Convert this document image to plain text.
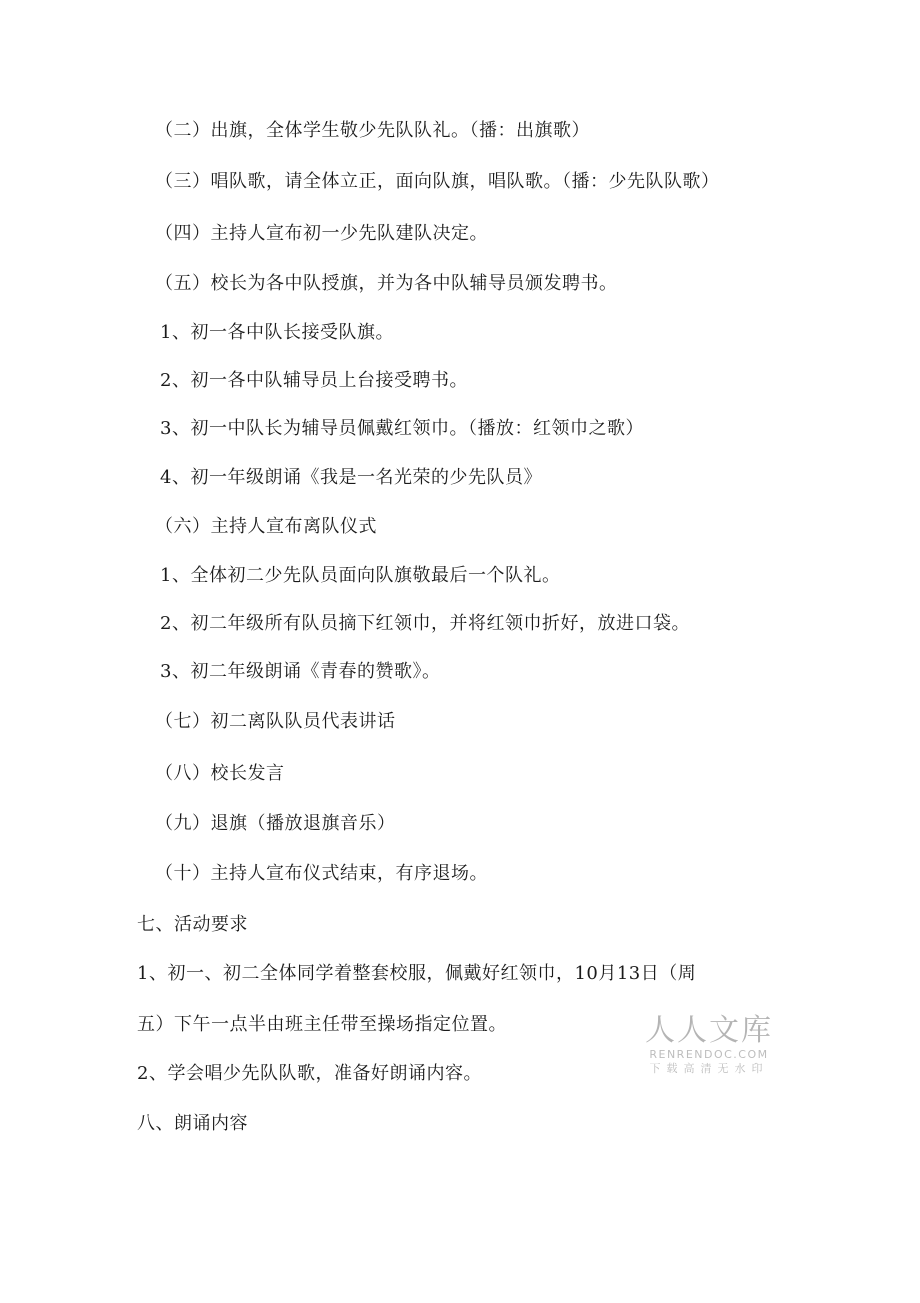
（二）出旗，全体学生敬少先队队礼。（播：出旗歌）
（三）唱队歌，请全体立正，面向队旗，唱队歌。（播：少先队队歌）
（四）主持人宣布初一少先队建队决定。
（五）校长为各中队授旗，并为各中队辅导员颁发聘书。
1、初一各中队长接受队旗。
2、初一各中队辅导员上台接受聘书。
3、初一中队长为辅导员佩戴红领巾。（播放：红领巾之歌）
4、初一年级朗诵《我是一名光荣的少先队员》
（六）主持人宣布离队仪式
1、全体初二少先队员面向队旗敬最后一个队礼。
2、初二年级所有队员摘下红领巾，并将红领巾折好，放进口袋。
3、初二年级朗诵《青春的赞歌》。
（七）初二离队队员代表讲话
（八）校长发言
（九）退旗（播放退旗音乐）
（十）主持人宣布仪式结束，有序退场。
七、活动要求
1、初一、初二全体同学着整套校服，佩戴好红领巾，10月13日（周
五）下午一点半由班主任带至操场指定位置。
2、学会唱少先队队歌，准备好朗诵内容。
八、朗诵内容
人人文库
RENRENDOC.COM
下载高清无水印
